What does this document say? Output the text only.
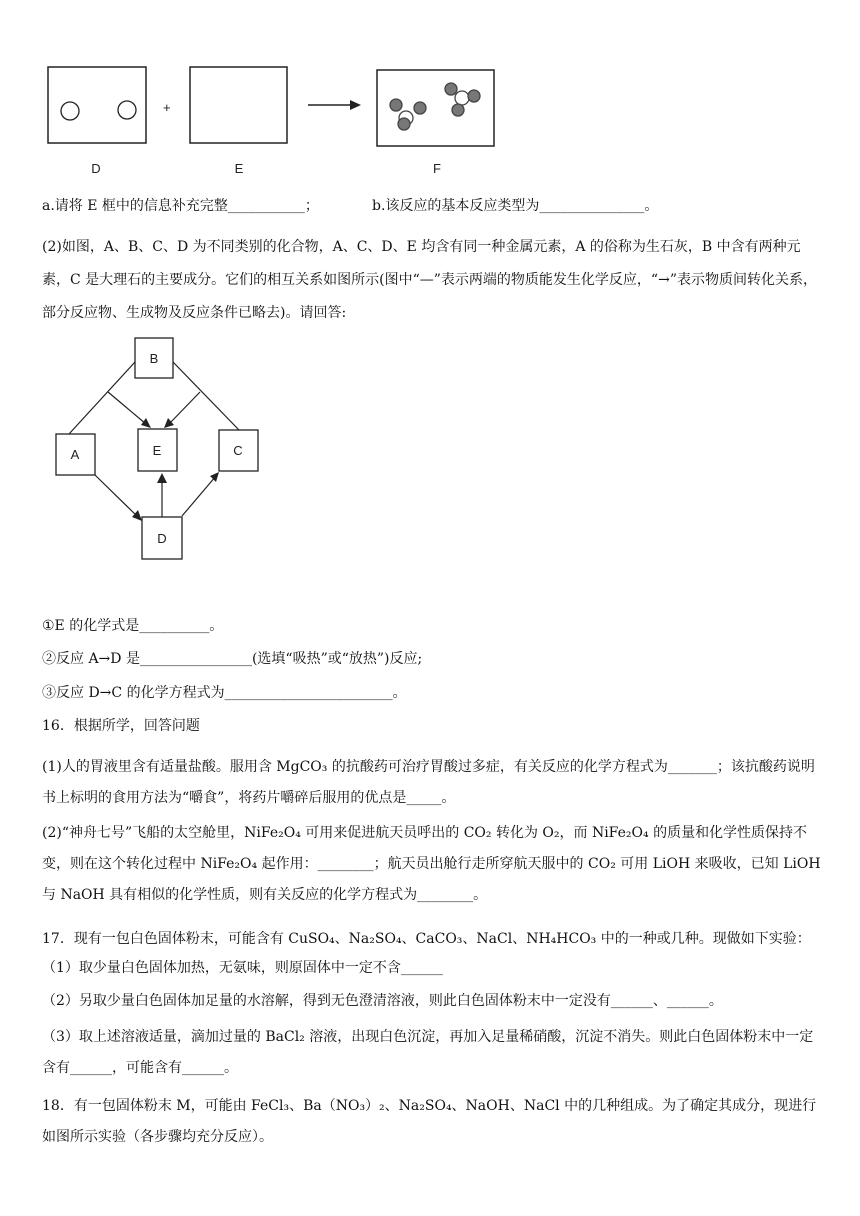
+
D	E	F
a.请将 E 框中的信息补充完整___________；	b.该反应的基本反应类型为_______________。
(2)如图，A、B、C、D 为不同类别的化合物，A、C、D、E 均含有同一种金属元素，A 的俗称为生石灰，B 中含有两种元素，C 是大理石的主要成分。它们的相互关系如图所示(图中“—”表示两端的物质能发生化学反应，“→”表示物质间转化关系，部分反应物、生成物及反应条件已略去)。请回答:
B
A	E	C
D
①E 的化学式是__________。
②反应 A→D 是________________(选填“吸热”或“放热”)反应;
③反应 D→C 的化学方程式为________________________。
16．根据所学，回答问题
(1)人的胃液里含有适量盐酸。服用含 MgCO₃ 的抗酸药可治疗胃酸过多症，有关反应的化学方程式为_______；该抗酸药说明书上标明的食用方法为“嚼食”，将药片嚼碎后服用的优点是_____。
(2)“神舟七号”飞船的太空舱里，NiFe₂O₄ 可用来促进航天员呼出的 CO₂ 转化为 O₂，而 NiFe₂O₄ 的质量和化学性质保持不变，则在这个转化过程中 NiFe₂O₄ 起作用：________；航天员出舱行走所穿航天服中的 CO₂ 可用 LiOH 来吸收，已知 LiOH 与 NaOH 具有相似的化学性质，则有关反应的化学方程式为________。
17．现有一包白色固体粉末，可能含有 CuSO₄、Na₂SO₄、CaCO₃、NaCl、NH₄HCO₃ 中的一种或几种。现做如下实验：
（1）取少量白色固体加热，无氨味，则原固体中一定不含______
（2）另取少量白色固体加足量的水溶解，得到无色澄清溶液，则此白色固体粉末中一定没有______、______。
（3）取上述溶液适量，滴加过量的 BaCl₂ 溶液，出现白色沉淀，再加入足量稀硝酸，沉淀不消失。则此白色固体粉末中一定含有______，可能含有______。
18．有一包固体粉末 M，可能由 FeCl₃、Ba（NO₃）₂、Na₂SO₄、NaOH、NaCl 中的几种组成。为了确定其成分，现进行如图所示实验（各步骤均充分反应）。
